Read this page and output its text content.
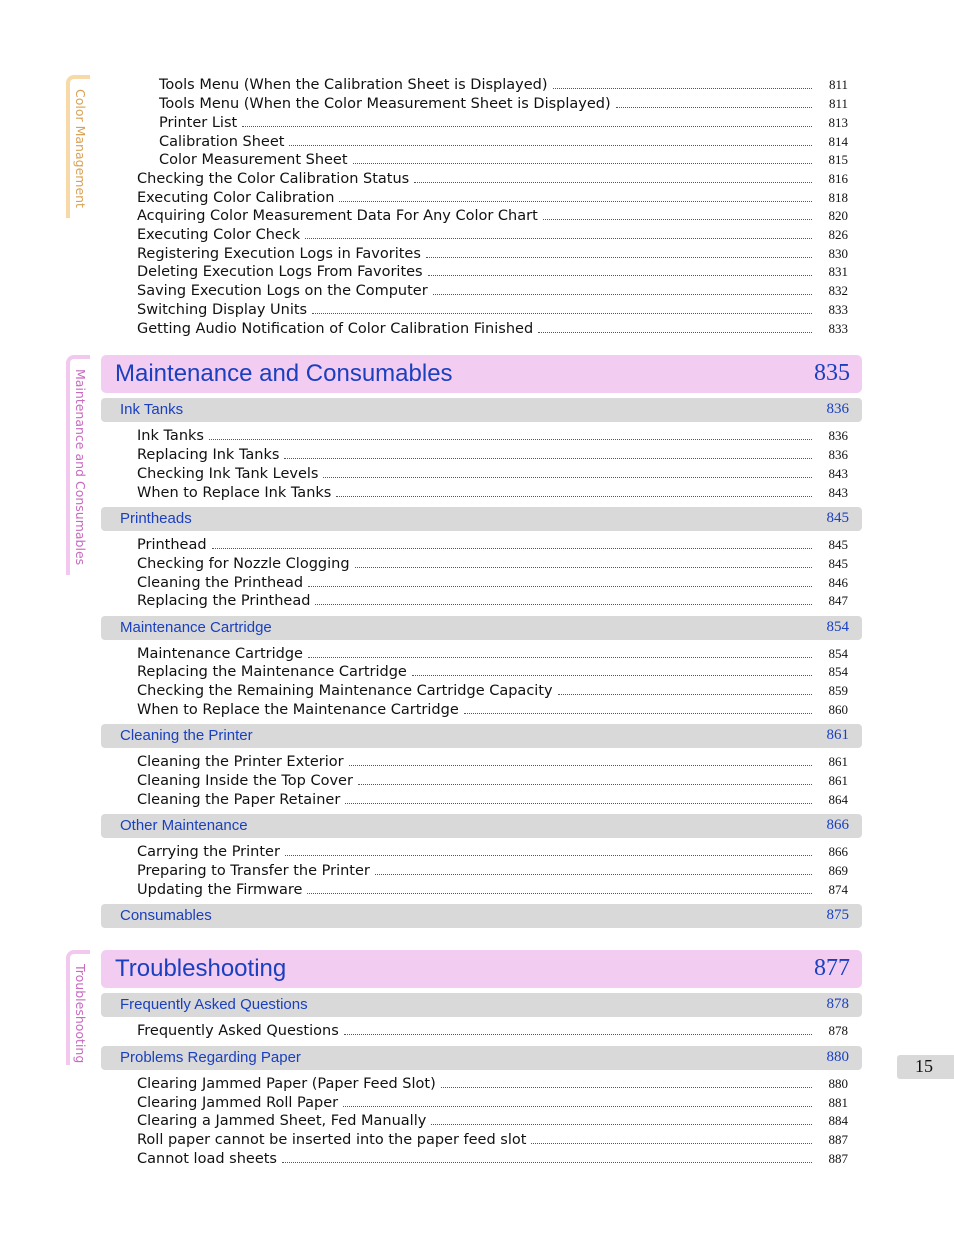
Color Management
Maintenance and Consumables
Troubleshooting
Tools Menu (When the Calibration Sheet is Displayed)	811
Tools Menu (When the Color Measurement Sheet is Displayed)	811
Printer List	813
Calibration Sheet	814
Color Measurement Sheet	815
Checking the Color Calibration Status	816
Executing Color Calibration	818
Acquiring Color Measurement Data For Any Color Chart	820
Executing Color Check	826
Registering Execution Logs in Favorites	830
Deleting Execution Logs From Favorites	831
Saving Execution Logs on the Computer	832
Switching Display Units	833
Getting Audio Notification of Color Calibration Finished	833
Maintenance and Consumables	835
Ink Tanks	836
Ink Tanks	836
Replacing Ink Tanks	836
Checking Ink Tank Levels	843
When to Replace Ink Tanks	843
Printheads	845
Printhead	845
Checking for Nozzle Clogging	845
Cleaning the Printhead	846
Replacing the Printhead	847
Maintenance Cartridge	854
Maintenance Cartridge	854
Replacing the Maintenance Cartridge	854
Checking the Remaining Maintenance Cartridge Capacity	859
When to Replace the Maintenance Cartridge	860
Cleaning the Printer	861
Cleaning the Printer Exterior	861
Cleaning Inside the Top Cover	861
Cleaning the Paper Retainer	864
Other Maintenance	866
Carrying the Printer	866
Preparing to Transfer the Printer	869
Updating the Firmware	874
Consumables	875
Troubleshooting	877
Frequently Asked Questions	878
Frequently Asked Questions	878
Problems Regarding Paper	880
Clearing Jammed Paper (Paper Feed Slot)	880
Clearing Jammed Roll Paper	881
Clearing a Jammed Sheet, Fed Manually	884
Roll paper cannot be inserted into the paper feed slot	887
Cannot load sheets	887
15
